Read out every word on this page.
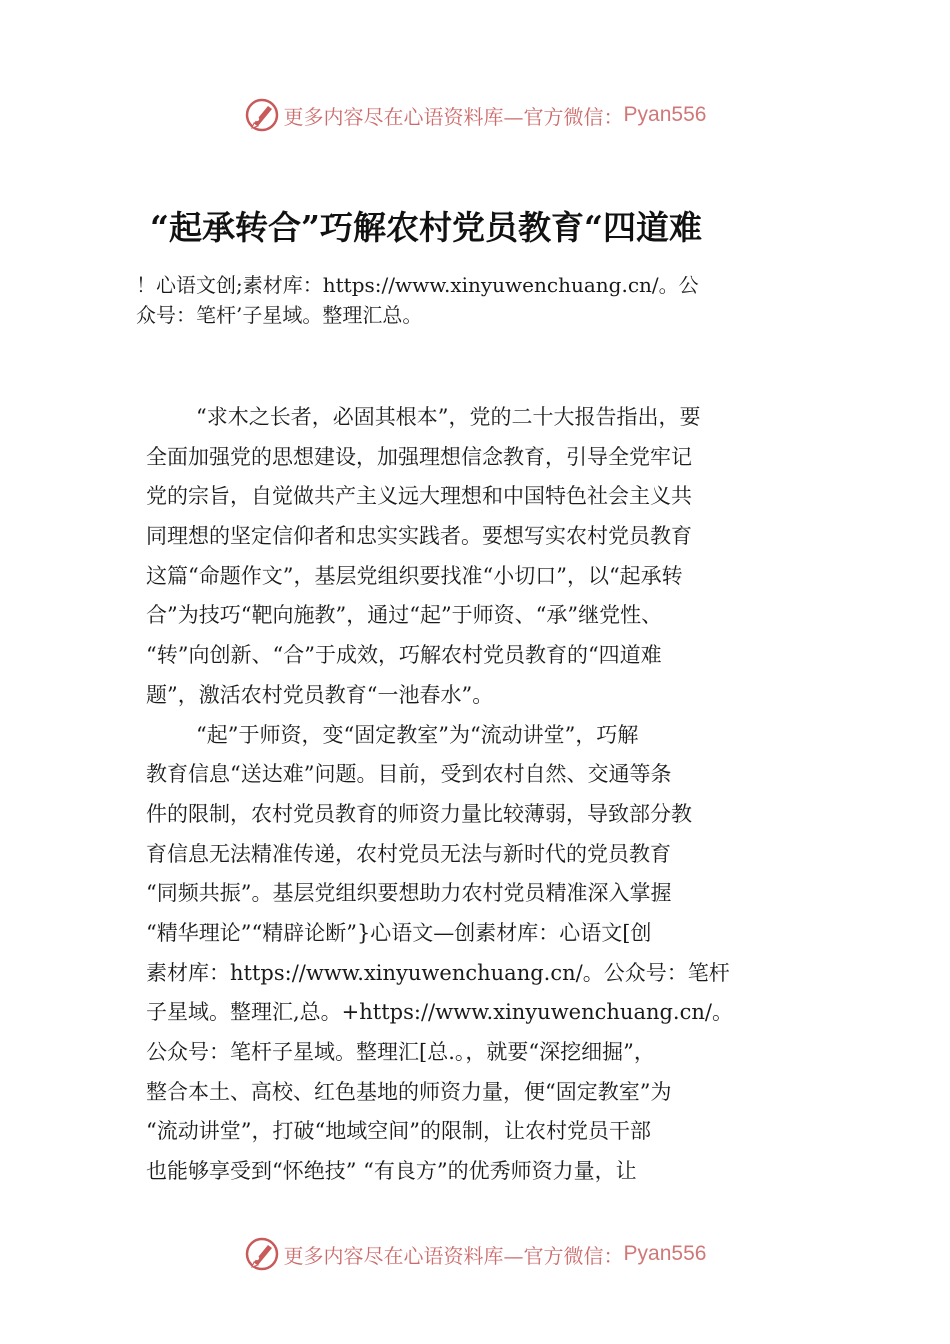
更多内容尽在心语资料库—官方微信： Pyan556
“起承转合”巧解农村党员教育“四道难
！心语文创;素材库：https://www.xinyuwenchuang.cn/。公
众号：笔杆’子星域。整理汇总。
“求木之长者，必固其根本”，党的二十大报告指出，要
全面加强党的思想建设，加强理想信念教育，引导全党牢记
党的宗旨，自觉做共产主义远大理想和中国特色社会主义共
同理想的坚定信仰者和忠实实践者。要想写实农村党员教育
这篇“命题作文”，基层党组织要找准“小切口”，以“起承转
合”为技巧“靶向施教”，通过“起”于师资、“承”继党性、
“转”向创新、“合”于成效，巧解农村党员教育的“四道难
题”，激活农村党员教育“一池春水”。
“起”于师资，变“固定教室”为“流动讲堂”，巧解
教育信息“送达难”问题。目前，受到农村自然、交通等条
件的限制，农村党员教育的师资力量比较薄弱，导致部分教
育信息无法精准传递，农村党员无法与新时代的党员教育
“同频共振”。基层党组织要想助力农村党员精准深入掌握
“精华理论”“精辟论断”}心语文—创素材库：心语文[创
素材库：https://www.xinyuwenchuang.cn/。公众号：笔杆
子星域。整理汇,总。+https://www.xinyuwenchuang.cn/。
公众号：笔杆子星域。整理汇[总.。，就要“深挖细掘”，
整合本土、高校、红色基地的师资力量，便“固定教室”为
“流动讲堂”，打破“地域空间”的限制，让农村党员干部
也能够享受到“怀绝技” “有良方”的优秀师资力量，让
更多内容尽在心语资料库—官方微信： Pyan556
